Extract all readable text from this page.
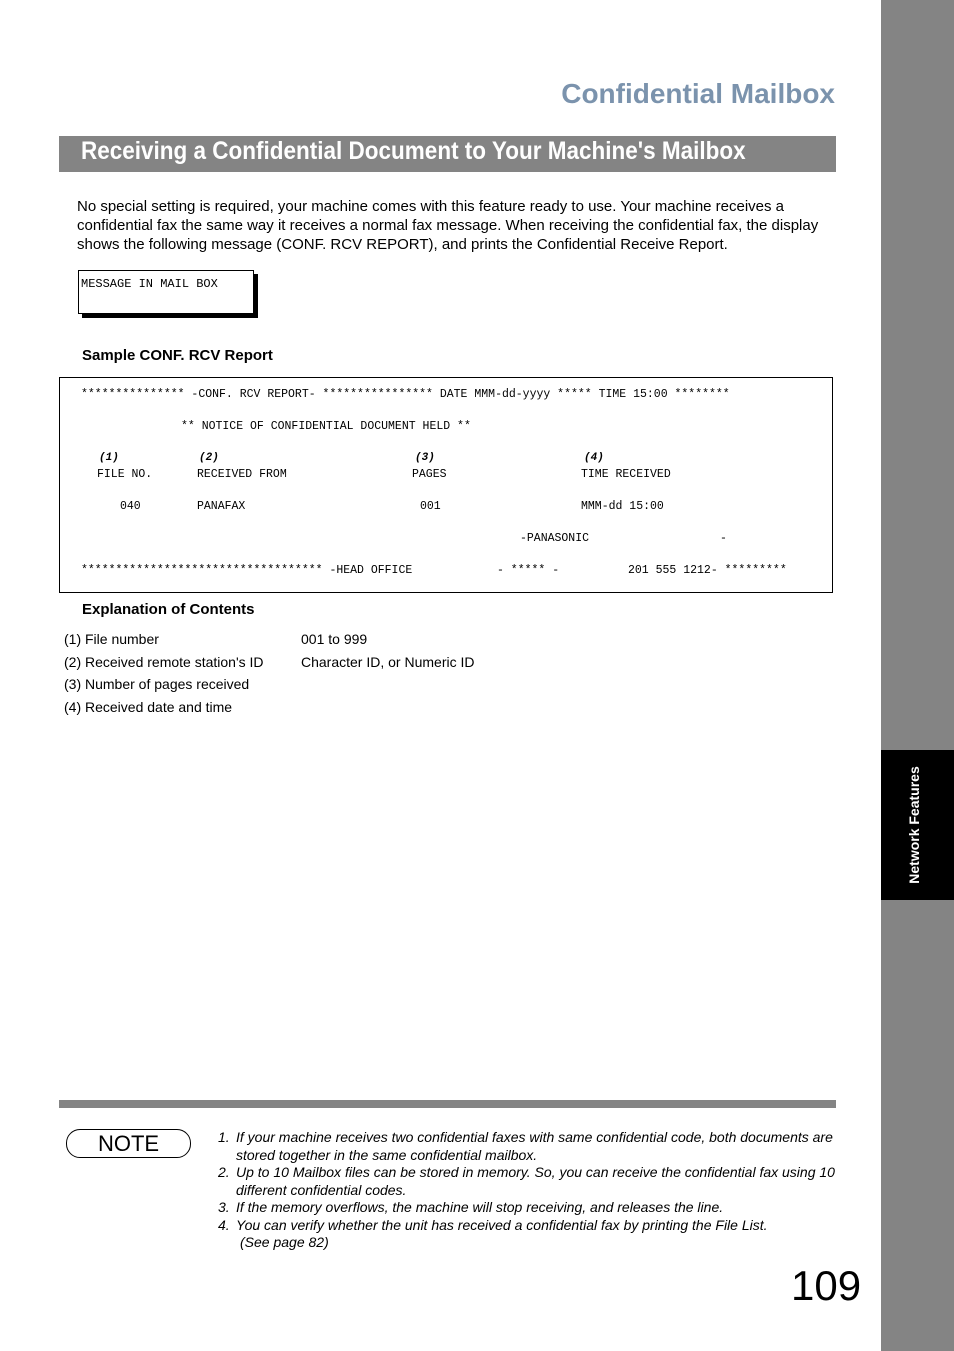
Network Features
Confidential Mailbox
Receiving a Confidential Document to Your Machine's Mailbox

No special setting is required, your machine comes with this feature ready to use. Your machine receives a confidential fax the same way it receives a normal fax message. When receiving the confidential fax, the display shows the following message (CONF. RCV REPORT), and prints the Confidential Receive Report.

MESSAGE IN MAIL BOX
Sample CONF. RCV Report
*************** -CONF. RCV REPORT- **************** DATE MMM-dd-yyyy ***** TIME 15:00 ********
** NOTICE OF CONFIDENTIAL DOCUMENT HELD **
(1)	(2)	(3)	(4)
FILE NO.	RECEIVED FROM	PAGES	TIME RECEIVED
040	PANAFAX	001	MMM-dd 15:00
-PANASONIC	-
*********************************** -HEAD OFFICE	- ***** -	201 555 1212- *********
Explanation of Contents
(1) File number	001 to 999
(2) Received remote station's ID	Character ID, or Numeric ID
(3) Number of pages received
(4) Received date and time
NOTE	1. If your machine receives two confidential faxes with same confidential code, both documents are stored together in the same confidential mailbox.
2. Up to 10 Mailbox files can be stored in memory. So, you can receive the confidential fax using 10 different confidential codes.
3. If the memory overflows, the machine will stop receiving, and releases the line.
4. You can verify whether the unit has received a confidential fax by printing the File List.
(See page 82)
109
